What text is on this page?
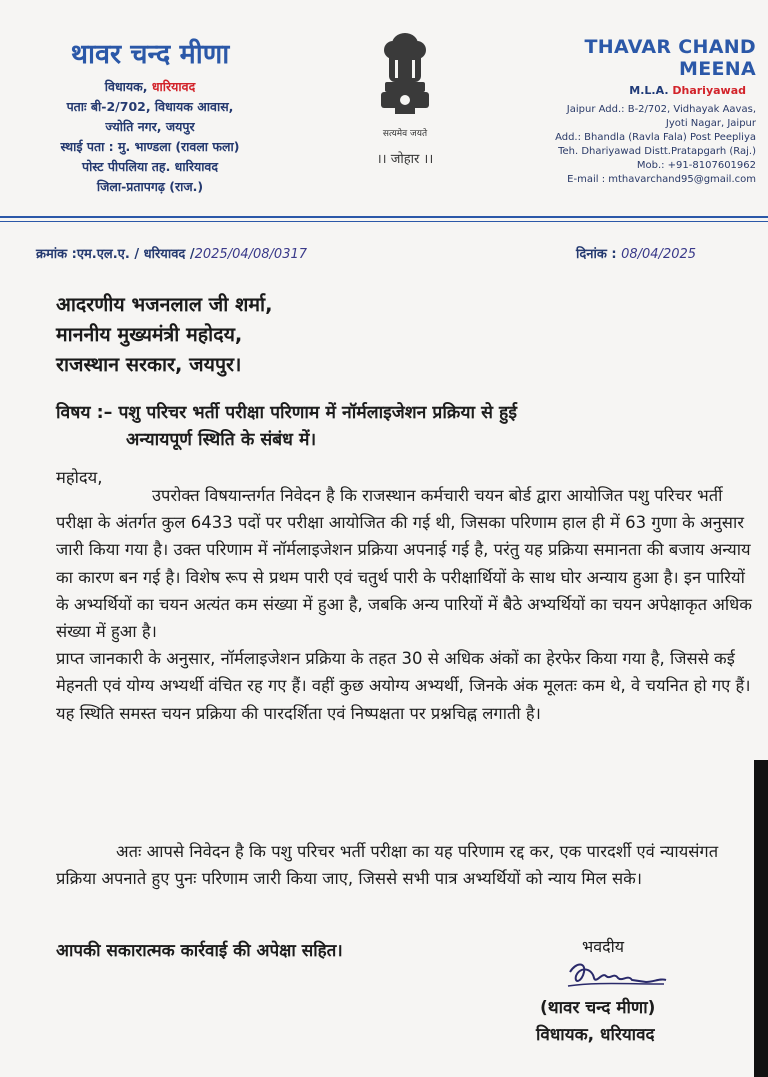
थावर चन्द मीणा
विधायक, धारियावद
पताः बी-2/702, विधायक आवास,
ज्योति नगर, जयपुर
स्थाई पता : मु. भाण्डला (रावला फला)
पोस्ट पीपलिया तह. धारियावद
जिला-प्रतापगढ़ (राज.)
सत्यमेव जयते
।। जोहार ।।
THAVAR CHAND MEENA
M.L.A. Dhariyawad
Jaipur Add.: B-2/702, Vidhayak Aavas,
Jyoti Nagar, Jaipur
Add.: Bhandla (Ravla Fala) Post Peepliya
Teh. Dhariyawad Distt.Pratapgarh (Raj.)
Mob.: +91-8107601962
E-mail : mthavarchand95@gmail.com
क्रमांक :एम.एल.ए. / धरियावद /2025/04/08/0317	दिनांक : 08/04/2025
आदरणीय भजनलाल जी शर्मा,
माननीय मुख्यमंत्री महोदय,
राजस्थान सरकार, जयपुर।
विषय :– पशु परिचर भर्ती परीक्षा परिणाम में नॉर्मलाइजेशन प्रक्रिया से हुई
अन्यायपूर्ण स्थिति के संबंध में।
महोदय,
उपरोक्त विषयान्तर्गत निवेदन है कि राजस्थान कर्मचारी चयन बोर्ड द्वारा आयोजित पशु परिचर भर्ती परीक्षा के अंतर्गत कुल 6433 पदों पर परीक्षा आयोजित की गई थी, जिसका परिणाम हाल ही में 63 गुणा के अनुसार जारी किया गया है। उक्त परिणाम में नॉर्मलाइजेशन प्रक्रिया अपनाई गई है, परंतु यह प्रक्रिया समानता की बजाय अन्याय का कारण बन गई है। विशेष रूप से प्रथम पारी एवं चतुर्थ पारी के परीक्षार्थियों के साथ घोर अन्याय हुआ है। इन पारियों के अभ्यर्थियों का चयन अत्यंत कम संख्या में हुआ है, जबकि अन्य पारियों में बैठे अभ्यर्थियों का चयन अपेक्षाकृत अधिक संख्या में हुआ है।
प्राप्त जानकारी के अनुसार, नॉर्मलाइजेशन प्रक्रिया के तहत 30 से अधिक अंकों का हेरफेर किया गया है, जिससे कई मेहनती एवं योग्य अभ्यर्थी वंचित रह गए हैं। वहीं कुछ अयोग्य अभ्यर्थी, जिनके अंक मूलतः कम थे, वे चयनित हो गए हैं। यह स्थिति समस्त चयन प्रक्रिया की पारदर्शिता एवं निष्पक्षता पर प्रश्नचिह्न लगाती है।
अतः आपसे निवेदन है कि पशु परिचर भर्ती परीक्षा का यह परिणाम रद्द कर, एक पारदर्शी एवं न्यायसंगत प्रक्रिया अपनाते हुए पुनः परिणाम जारी किया जाए, जिससे सभी पात्र अभ्यर्थियों को न्याय मिल सके।
आपकी सकारात्मक कार्रवाई की अपेक्षा सहित।	भवदीय
(थावर चन्द मीणा)
विधायक, धरियावद
